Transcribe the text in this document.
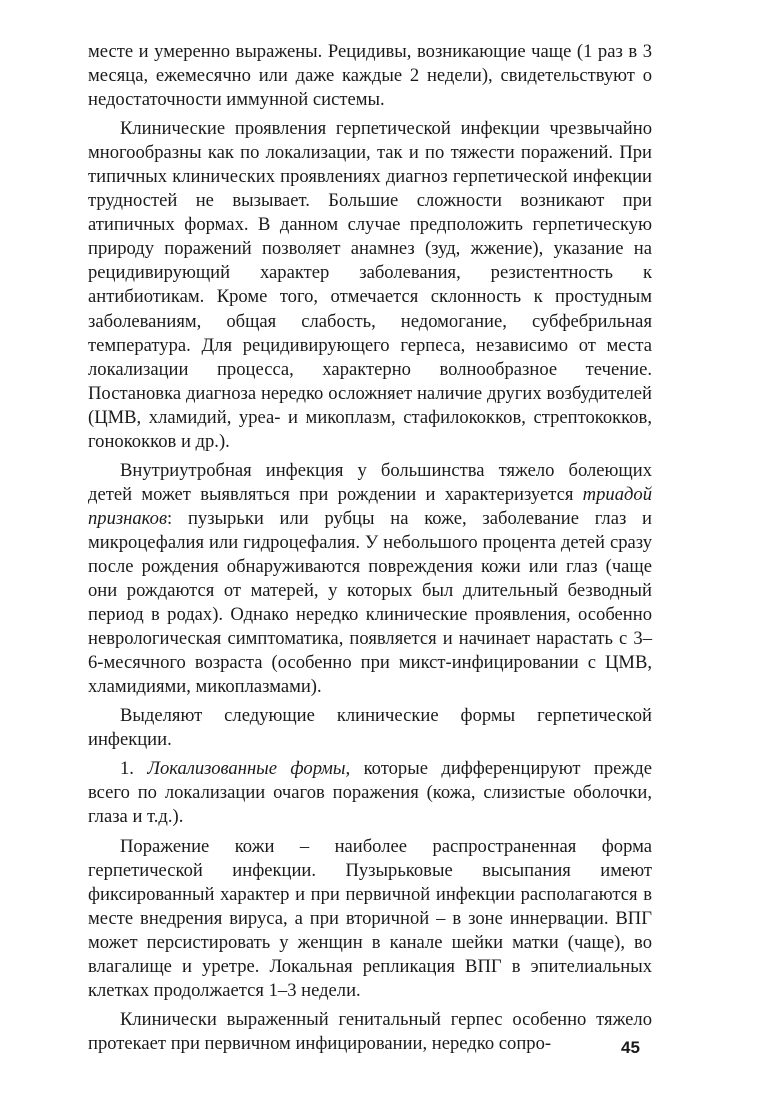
месте и умеренно выражены. Рецидивы, возникающие чаще (1 раз в 3 месяца, ежемесячно или даже каждые 2 недели), свидетельствуют о недостаточности иммунной системы.

Клинические проявления герпетической инфекции чрезвычайно многообразны как по локализации, так и по тяжести поражений. При типичных клинических проявлениях диагноз герпетической инфекции трудностей не вызывает. Большие сложности возникают при атипичных формах. В данном случае предположить герпетическую природу поражений позволяет анамнез (зуд, жжение), указание на рецидивирующий характер заболевания, резистентность к антибиотикам. Кроме того, отмечается склонность к простудным заболеваниям, общая слабость, недомогание, субфебрильная температура. Для рецидивирующего герпеса, независимо от места локализации процесса, характерно волнообразное течение. Постановка диагноза нередко осложняет наличие других возбудителей (ЦМВ, хламидий, уреа- и микоплазм, стафилококков, стрептококков, гонококков и др.).

Внутриутробная инфекция у большинства тяжело болеющих детей может выявляться при рождении и характеризуется триадой признаков: пузырьки или рубцы на коже, заболевание глаз и микроцефалия или гидроцефалия. У небольшого процента детей сразу после рождения обнаруживаются повреждения кожи или глаз (чаще они рождаются от матерей, у которых был длительный безводный период в родах). Однако нередко клинические проявления, особенно неврологическая симптоматика, появляется и начинает нарастать с 3–6-месячного возраста (особенно при микст-инфицировании с ЦМВ, хламидиями, микоплазмами).

Выделяют следующие клинические формы герпетической инфекции.

1. Локализованные формы, которые дифференцируют прежде всего по локализации очагов поражения (кожа, слизистые оболочки, глаза и т.д.).

Поражение кожи – наиболее распространенная форма герпетической инфекции. Пузырьковые высыпания имеют фиксированный характер и при первичной инфекции располагаются в месте внедрения вируса, а при вторичной – в зоне иннервации. ВПГ может персистировать у женщин в канале шейки матки (чаще), во влагалище и уретре. Локальная репликация ВПГ в эпителиальных клетках продолжается 1–3 недели.

Клинически выраженный генитальный герпес особенно тяжело протекает при первичном инфицировании, нередко сопро-	45
